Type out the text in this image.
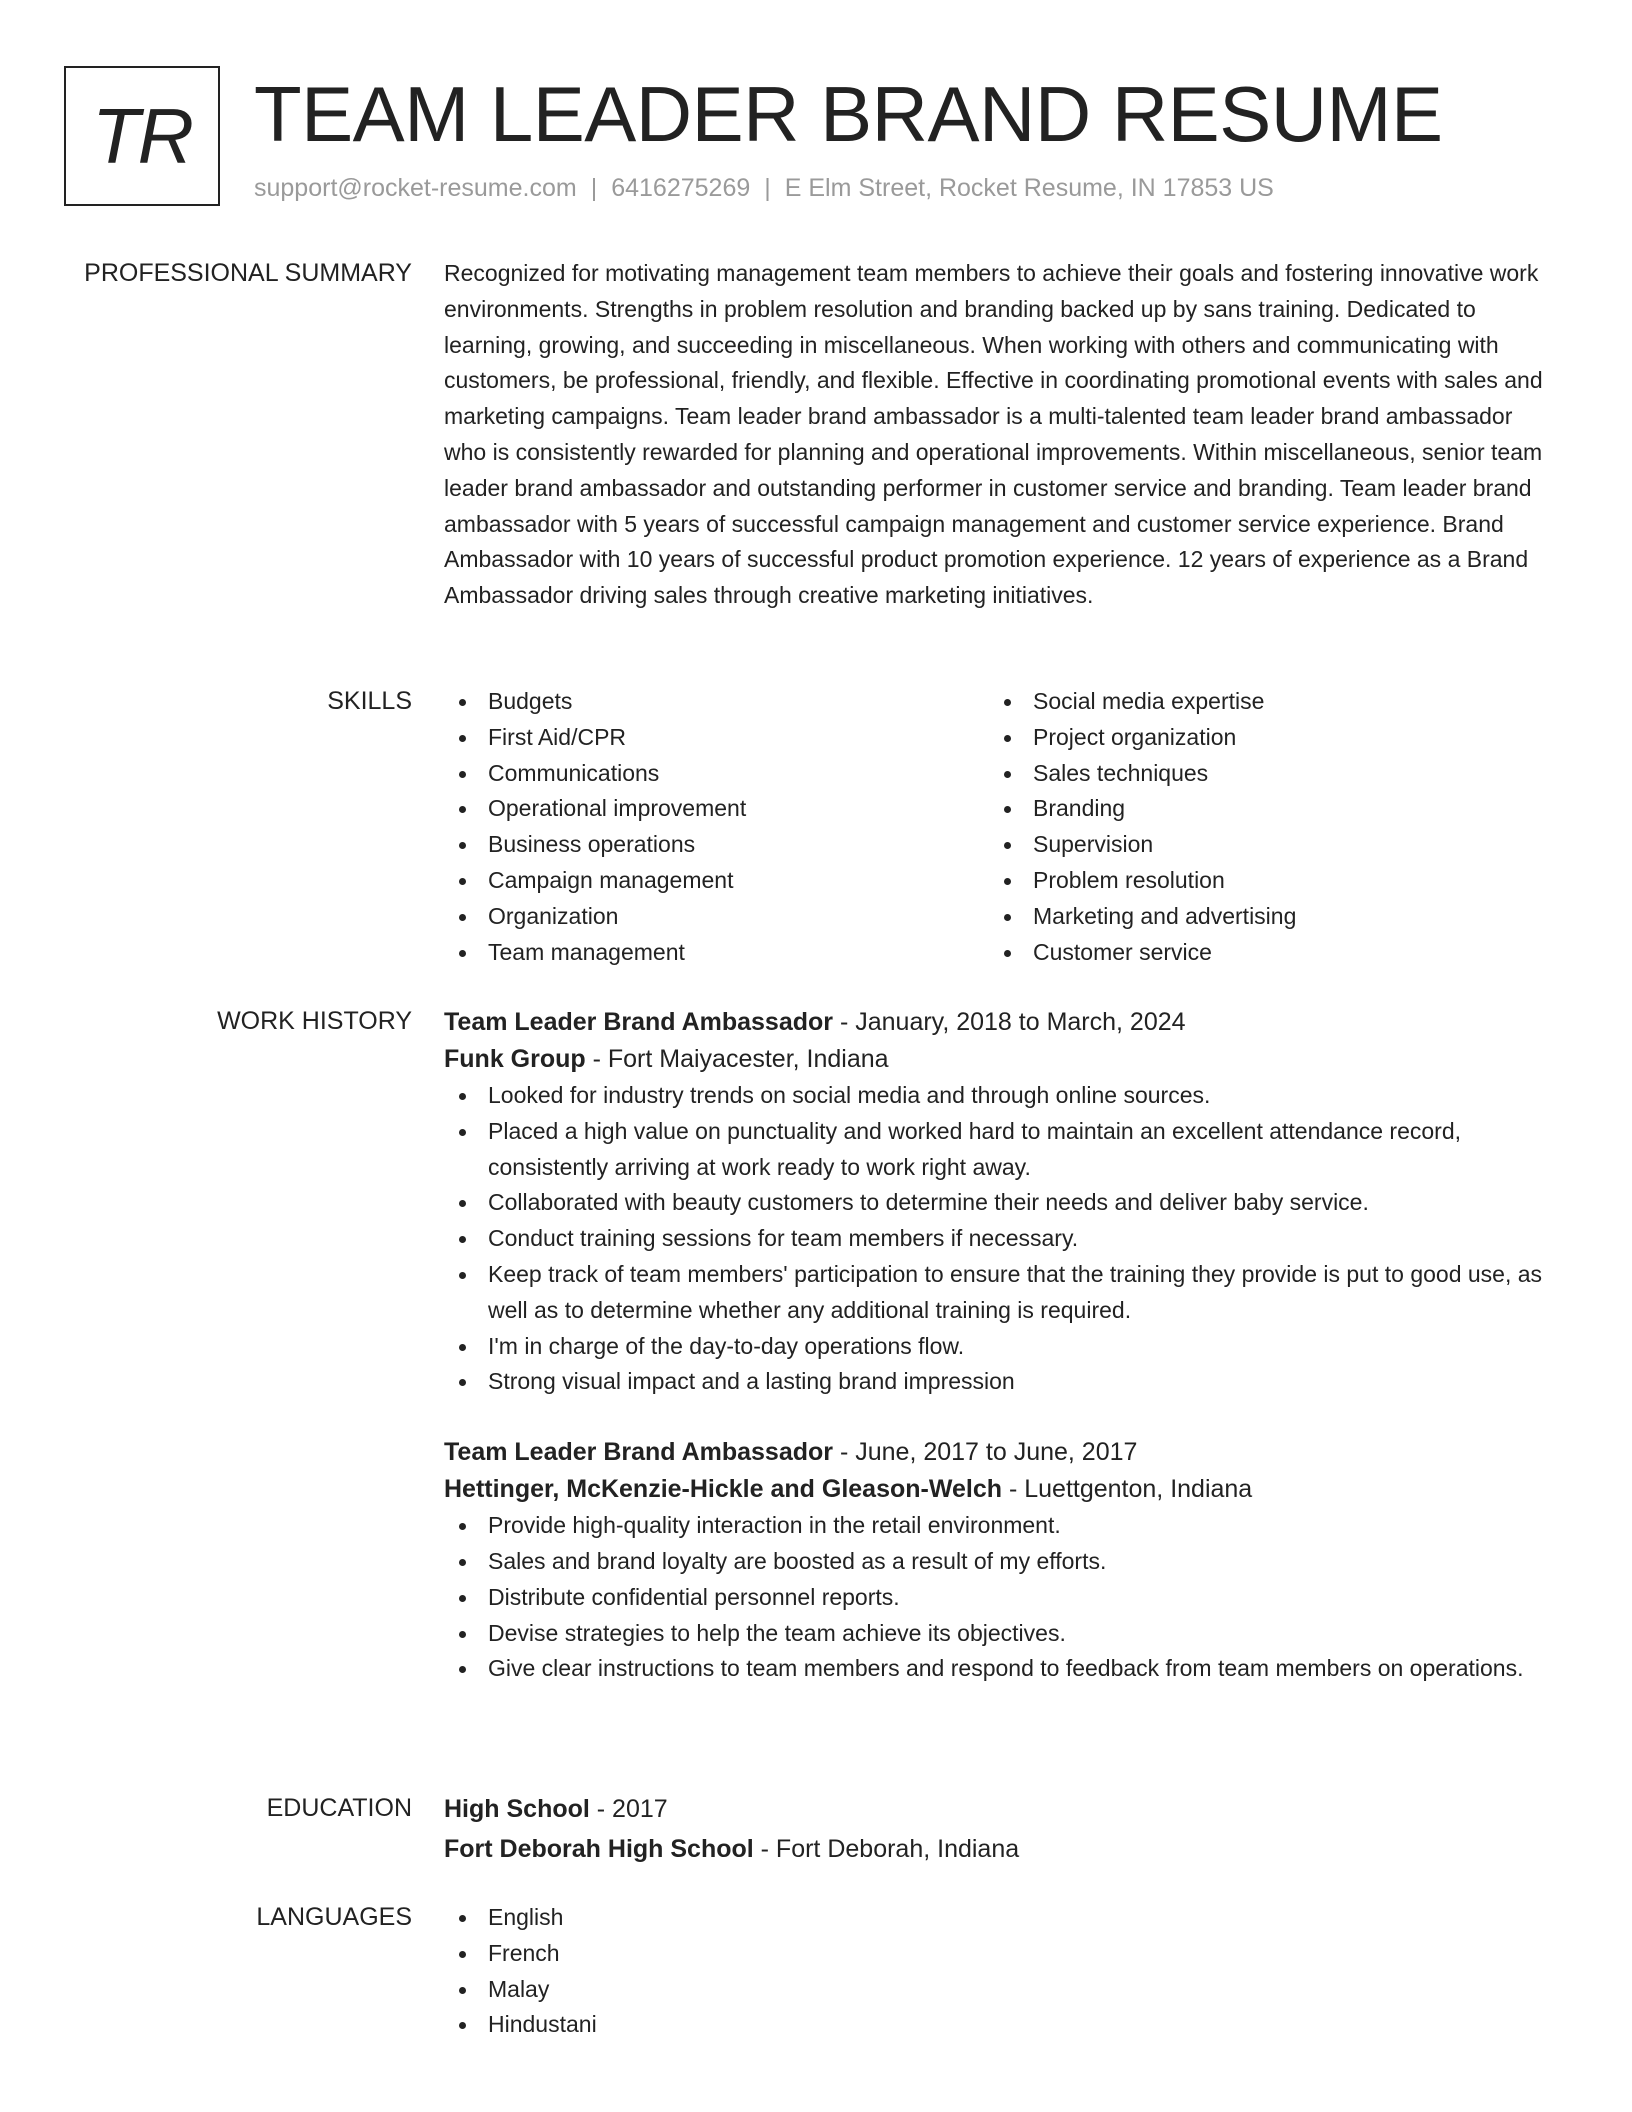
TR TEAM LEADER BRAND RESUME
support@rocket-resume.com | 6416275269 | E Elm Street, Rocket Resume, IN 17853 US
PROFESSIONAL SUMMARY Recognized for motivating management team members to achieve their goals and fostering innovative work environments. Strengths in problem resolution and branding backed up by sans training. Dedicated to learning, growing, and succeeding in miscellaneous. When working with others and communicating with customers, be professional, friendly, and flexible. Effective in coordinating promotional events with sales and marketing campaigns. Team leader brand ambassador is a multi-talented team leader brand ambassador who is consistently rewarded for planning and operational improvements. Within miscellaneous, senior team leader brand ambassador and outstanding performer in customer service and branding. Team leader brand ambassador with 5 years of successful campaign management and customer service experience. Brand Ambassador with 10 years of successful product promotion experience. 12 years of experience as a Brand Ambassador driving sales through creative marketing initiatives.

SKILLS	Budgets
First Aid/CPR
Communications
Operational improvement
Business operations
Campaign management
Organization
Team management
Social media expertise
Project organization
Sales techniques
Branding
Supervision
Problem resolution
Marketing and advertising
Customer service
WORK HISTORY Team Leader Brand Ambassador - January, 2018 to March, 2024
Funk Group - Fort Maiyacester, Indiana
Looked for industry trends on social media and through online sources.
Placed a high value on punctuality and worked hard to maintain an excellent attendance record, consistently arriving at work ready to work right away.
Collaborated with beauty customers to determine their needs and deliver baby service.
Conduct training sessions for team members if necessary.
Keep track of team members' participation to ensure that the training they provide is put to good use, as well as to determine whether any additional training is required.
I'm in charge of the day-to-day operations flow.
Strong visual impact and a lasting brand impression
Team Leader Brand Ambassador - June, 2017 to June, 2017
Hettinger, McKenzie-Hickle and Gleason-Welch - Luettgenton, Indiana
Provide high-quality interaction in the retail environment.
Sales and brand loyalty are boosted as a result of my efforts.
Distribute confidential personnel reports.
Devise strategies to help the team achieve its objectives.
Give clear instructions to team members and respond to feedback from team members on operations.
EDUCATION High School - 2017
Fort Deborah High School - Fort Deborah, Indiana
LANGUAGES	English
French
Malay
Hindustani
